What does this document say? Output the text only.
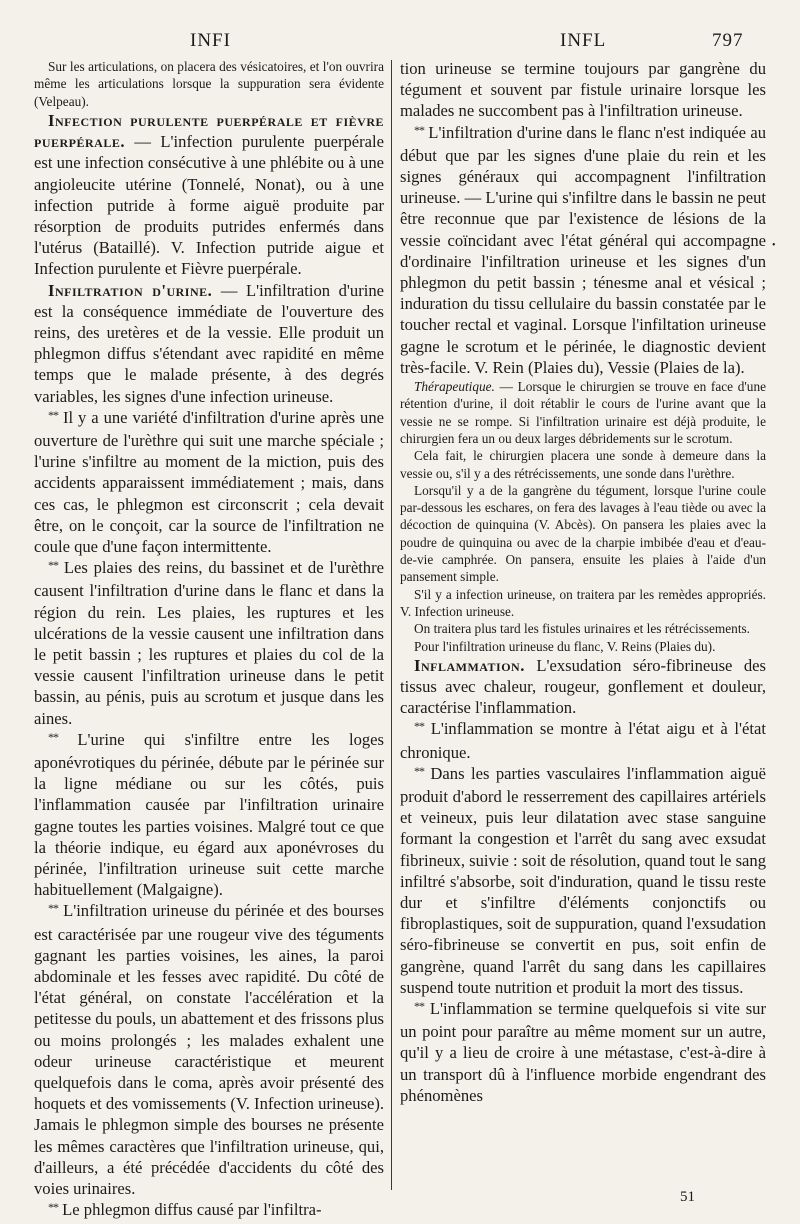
INFI	INFL	797

Sur les articulations, on placera des vésicatoires, et l'on ouvrira même les articulations lorsque la suppuration sera évidente (Velpeau).

Infection purulente puerpérale et fièvre puerpérale. — L'infection purulente puerpérale est une infection consécutive à une phlébite ou à une angioleucite utérine (Tonnelé, Nonat), ou à une infection putride à forme aiguë produite par résorption de produits putrides enfermés dans l'utérus (Bataillé). V. Infection putride aigue et Infection purulente et Fièvre puerpérale.

Infiltration d'urine. — L'infiltration d'urine est la conséquence immédiate de l'ouverture des reins, des uretères et de la vessie. Elle produit un phlegmon diffus s'étendant avec rapidité en même temps que le malade présente, à des degrés variables, les signes d'une infection urineuse.

** Il y a une variété d'infiltration d'urine après une ouverture de l'urèthre qui suit une marche spéciale ; l'urine s'infiltre au moment de la miction, puis des accidents apparaissent immédiatement ; mais, dans ces cas, le phlegmon est circonscrit ; cela devait être, on le conçoit, car la source de l'infiltration ne coule que d'une façon intermittente.

** Les plaies des reins, du bassinet et de l'urèthre causent l'infiltration d'urine dans le flanc et dans la région du rein. Les plaies, les ruptures et les ulcérations de la vessie causent une infiltration dans le petit bassin ; les ruptures et plaies du col de la vessie causent l'infiltration urineuse dans le petit bassin, au pénis, puis au scrotum et jusque dans les aines.

** L'urine qui s'infiltre entre les loges aponévrotiques du périnée, débute par le périnée sur la ligne médiane ou sur les côtés, puis l'inflammation causée par l'infiltration urinaire gagne toutes les parties voisines. Malgré tout ce que la théorie indique, eu égard aux aponévroses du périnée, l'infiltration urineuse suit cette marche habituellement (Malgaigne).

** L'infiltration urineuse du périnée et des bourses est caractérisée par une rougeur vive des téguments gagnant les parties voisines, les aines, la paroi abdominale et les fesses avec rapidité. Du côté de l'état général, on constate l'accélération et la petitesse du pouls, un abattement et des frissons plus ou moins prolongés ; les malades exhalent une odeur urineuse caractéristique et meurent quelquefois dans le coma, après avoir présenté des hoquets et des vomissements (V. Infection urineuse). Jamais le phlegmon simple des bourses ne présente les mêmes caractères que l'infiltration urineuse, qui, d'ailleurs, a été précédée d'accidents du côté des voies urinaires.

** Le phlegmon diffus causé par l'infiltra-

tion urineuse se termine toujours par gangrène du tégument et souvent par fistule urinaire lorsque les malades ne succombent pas à l'infiltration urineuse.

** L'infiltration d'urine dans le flanc n'est indiquée au début que par les signes d'une plaie du rein et les signes généraux qui accompagnent l'infiltration urineuse. — L'urine qui s'infiltre dans le bassin ne peut être reconnue que par l'existence de lésions de la vessie coïncidant avec l'état général qui accompagne d'ordinaire l'infiltration urineuse et les signes d'un phlegmon du petit bassin ; ténesme anal et vésical ; induration du tissu cellulaire du bassin constatée par le toucher rectal et vaginal. Lorsque l'infiltation urineuse gagne le scrotum et le périnée, le diagnostic devient très-facile. V. Rein (Plaies du), Vessie (Plaies de la).

Thérapeutique. — Lorsque le chirurgien se trouve en face d'une rétention d'urine, il doit rétablir le cours de l'urine avant que la vessie ne se rompe. Si l'infiltration urinaire est déjà produite, le chirurgien fera un ou deux larges débridements sur le scrotum.

Cela fait, le chirurgien placera une sonde à demeure dans la vessie ou, s'il y a des rétrécissements, une sonde dans l'urèthre.

Lorsqu'il y a de la gangrène du tégument, lorsque l'urine coule par-dessous les eschares, on fera des lavages à l'eau tiède ou avec la décoction de quinquina (V. Abcès). On pansera les plaies avec la poudre de quinquina ou avec de la charpie imbibée d'eau et d'eau-de-vie camphrée. On pansera, ensuite les plaies à l'aide d'un pansement simple.

S'il y a infection urineuse, on traitera par les remèdes appropriés. V. Infection urineuse.

On traitera plus tard les fistules urinaires et les rétrécissements.

Pour l'infiltration urineuse du flanc, V. Reins (Plaies du).

Inflammation. L'exsudation séro-fibrineuse des tissus avec chaleur, rougeur, gonflement et douleur, caractérise l'inflammation.

** L'inflammation se montre à l'état aigu et à l'état chronique.

** Dans les parties vasculaires l'inflammation aiguë produit d'abord le resserrement des capillaires artériels et veineux, puis leur dilatation avec stase sanguine formant la congestion et l'arrêt du sang avec exsudat fibrineux, suivie : soit de résolution, quand tout le sang infiltré s'absorbe, soit d'induration, quand le tissu reste dur et s'infiltre d'éléments conjonctifs ou fibroplastiques, soit de suppuration, quand l'exsudation séro-fibrineuse se convertit en pus, soit enfin de gangrène, quand l'arrêt du sang dans les capillaires suspend toute nutrition et produit la mort des tissus.

** L'inflammation se termine quelquefois si vite sur un point pour paraître au même moment sur un autre, qu'il y a lieu de croire à une métastase, c'est-à-dire à un transport dû à l'influence morbide engendrant des phénomènes

•
51
